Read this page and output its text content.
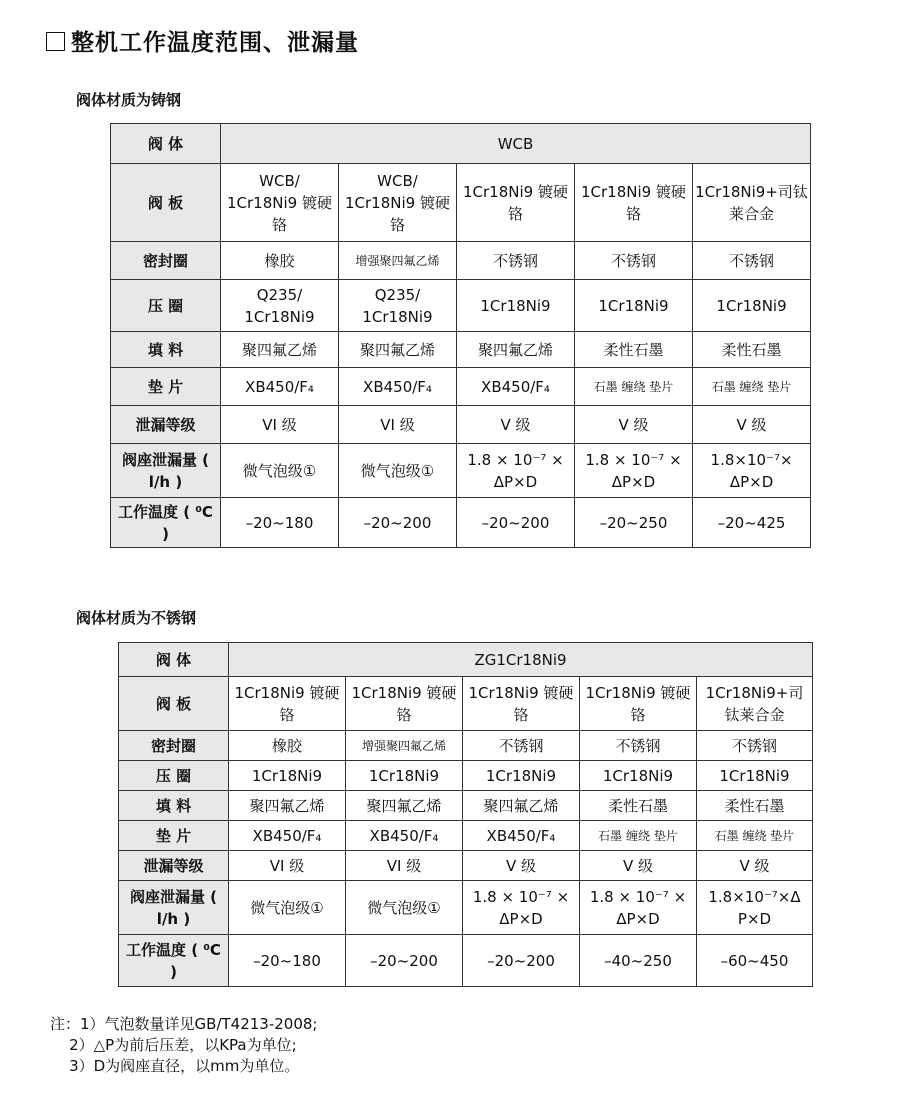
整机工作温度范围、泄漏量
阀体材质为铸钢
阀 体	WCB				
阀 板	WCB/ 1Cr18Ni9 镀硬铬	WCB/ 1Cr18Ni9 镀硬铬	1Cr18Ni9 镀硬铬	1Cr18Ni9 镀硬铬	1Cr18Ni9+司钛莱合金
密封圈	橡胶	增强聚四氟乙烯	不锈钢	不锈钢	不锈钢
压 圈	Q235/ 1Cr18Ni9	Q235/ 1Cr18Ni9	1Cr18Ni9	1Cr18Ni9	1Cr18Ni9
填 料	聚四氟乙烯	聚四氟乙烯	聚四氟乙烯	柔性石墨	柔性石墨
垫 片	XB450/F₄	XB450/F₄	XB450/F₄	石墨 缠绕 垫片	石墨 缠绕 垫片
泄漏等级	VI 级	VI 级	V 级	V 级	V 级
阀座泄漏量 ( l/h )	微气泡级①	微气泡级①	1.8 × 10⁻⁷ × ΔP×D	1.8 × 10⁻⁷ × ΔP×D	1.8×10⁻⁷× ΔP×D
工作温度 ( ⁰C )	–20~180	–20~200	–20~200	–20~250	–20~425
阀体材质为不锈钢
阀 体	ZG1Cr18Ni9				
阀 板	1Cr18Ni9 镀硬铬	1Cr18Ni9 镀硬铬	1Cr18Ni9 镀硬铬	1Cr18Ni9 镀硬铬	1Cr18Ni9+司钛莱合金
密封圈	橡胶	增强聚四氟乙烯	不锈钢	不锈钢	不锈钢
压 圈	1Cr18Ni9	1Cr18Ni9	1Cr18Ni9	1Cr18Ni9	1Cr18Ni9
填 料	聚四氟乙烯	聚四氟乙烯	聚四氟乙烯	柔性石墨	柔性石墨
垫 片	XB450/F₄	XB450/F₄	XB450/F₄	石墨 缠绕 垫片	石墨 缠绕 垫片
泄漏等级	VI 级	VI 级	V 级	V 级	V 级
阀座泄漏量 ( l/h )	微气泡级①	微气泡级①	1.8 × 10⁻⁷ × ΔP×D	1.8 × 10⁻⁷ × ΔP×D	1.8×10⁻⁷×Δ P×D
工作温度 ( ⁰C )	–20~180	–20~200	–20~200	–40~250	–60~450
注：1）气泡数量详见GB/T4213-2008;
2）△P为前后压差，以KPa为单位;
3）D为阀座直径，以mm为单位。
